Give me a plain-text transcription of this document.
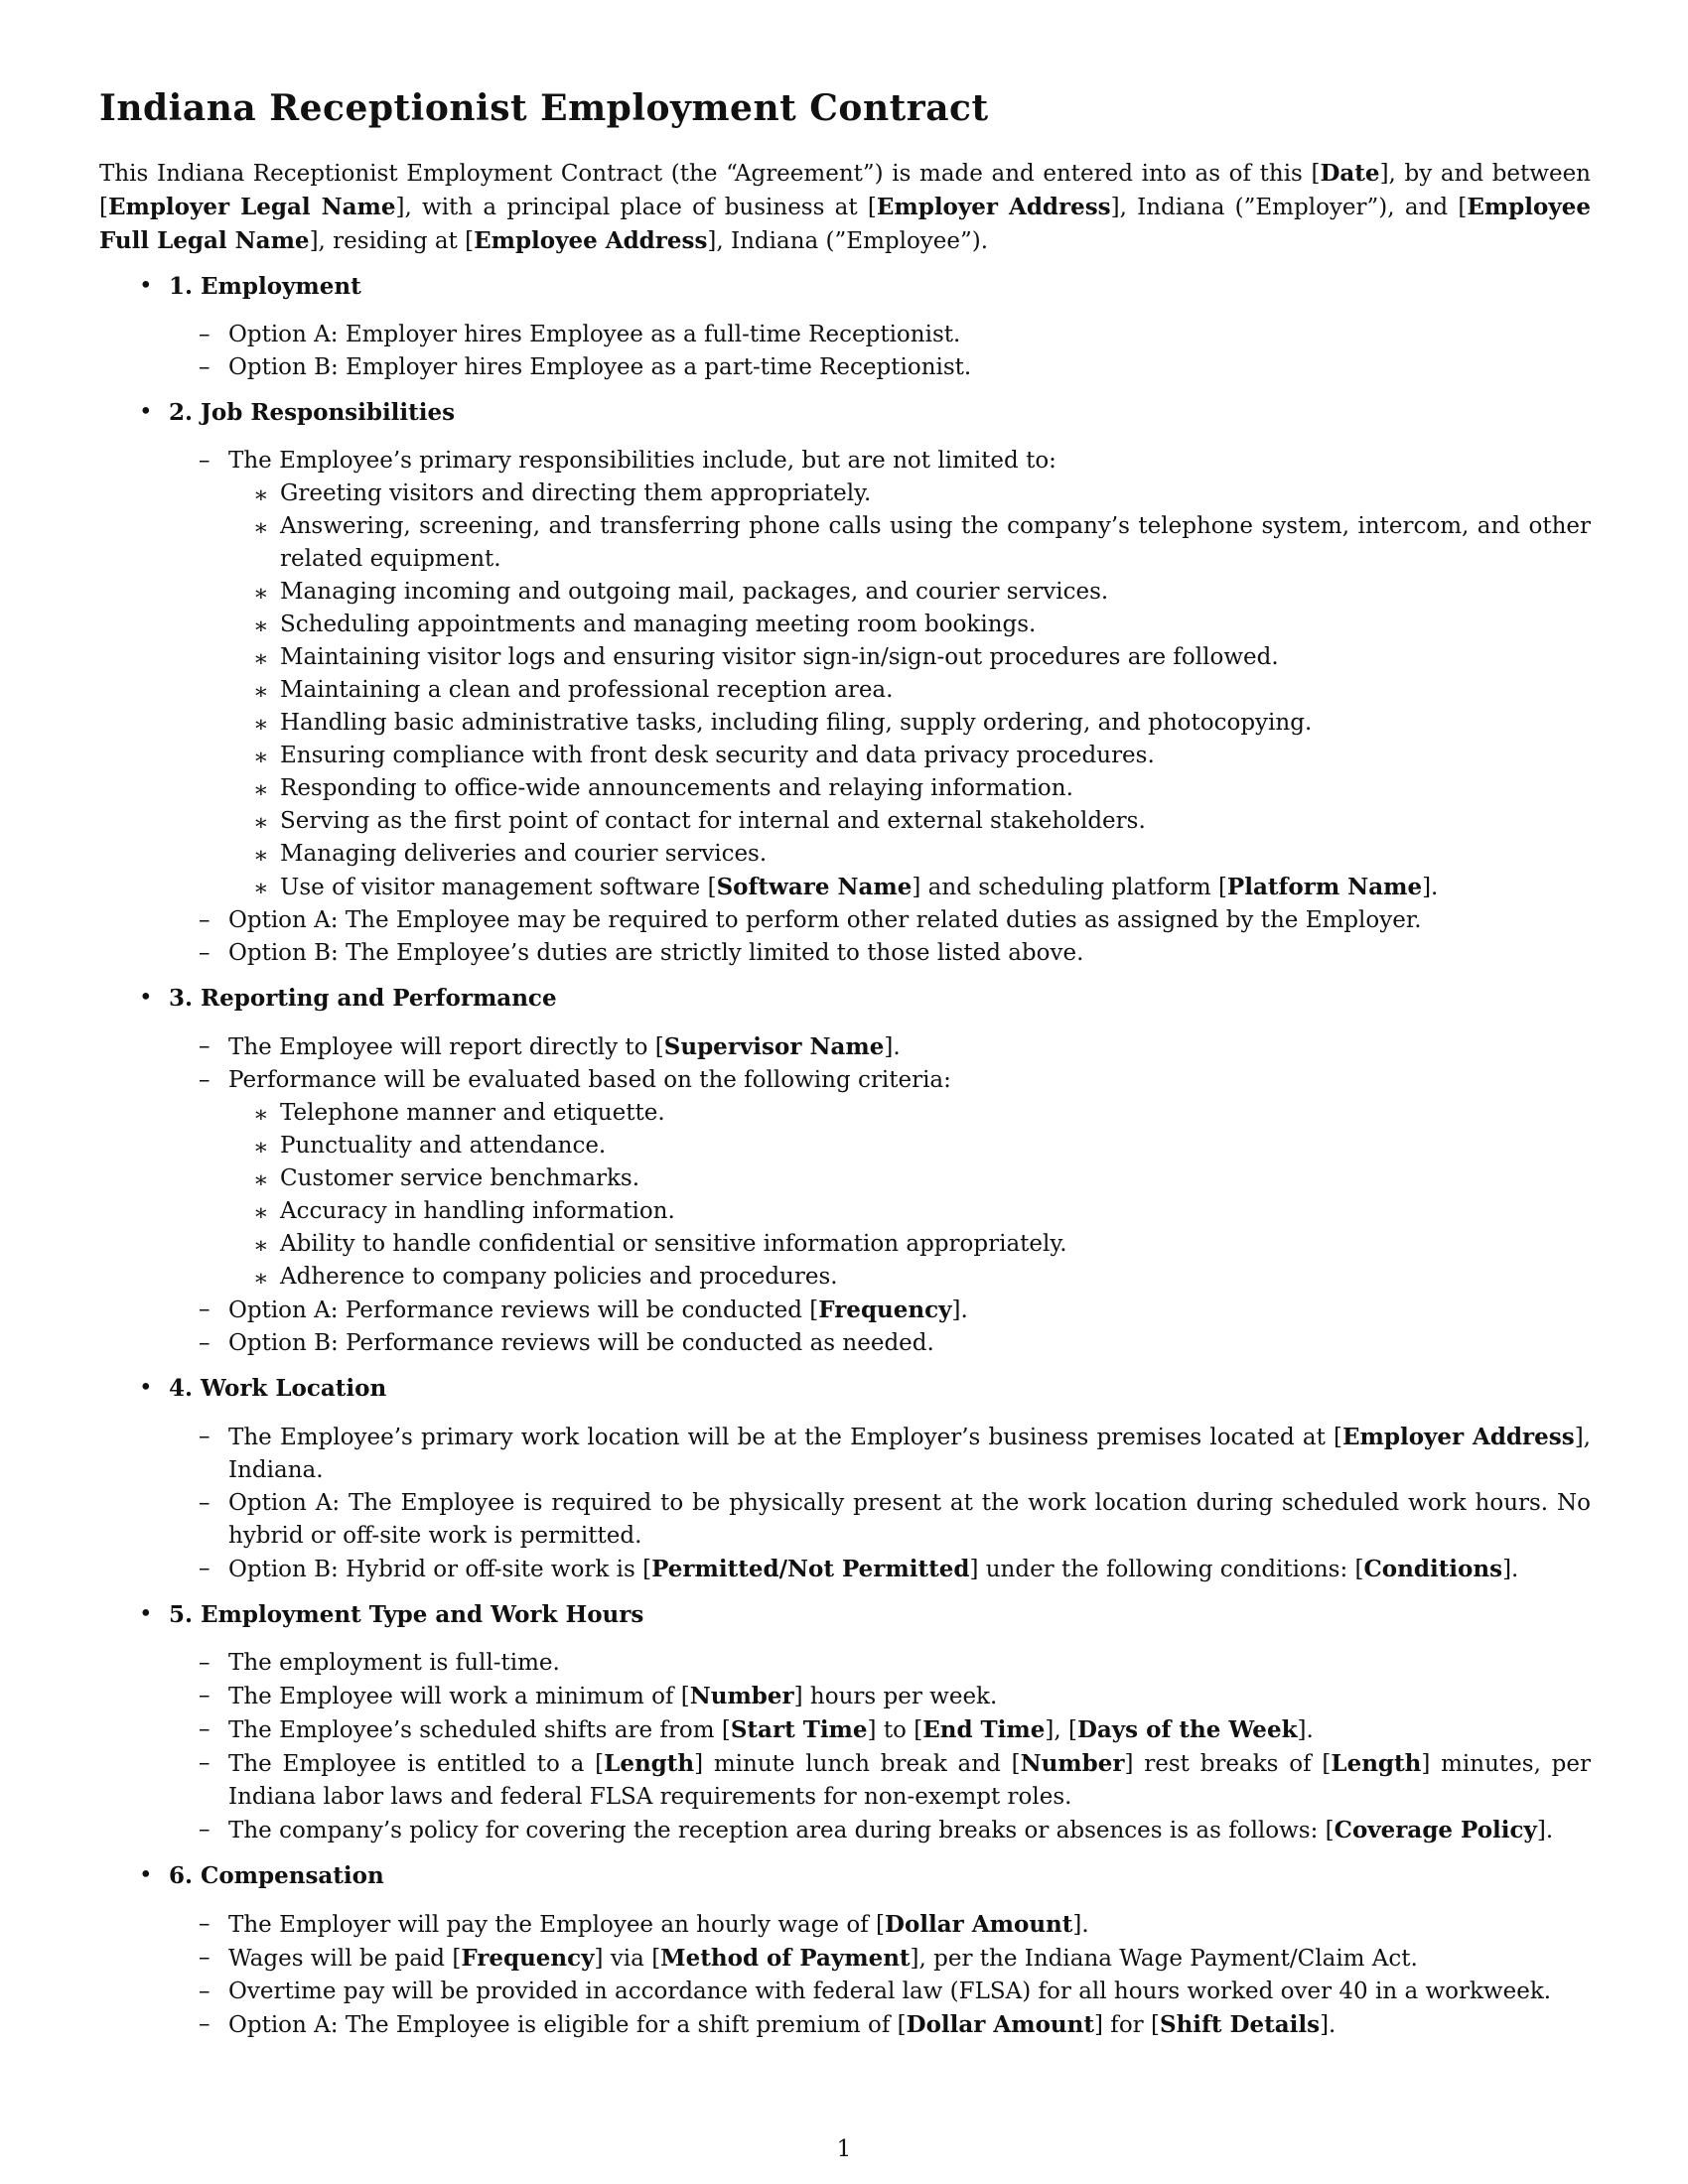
Indiana Receptionist Employment Contract

This Indiana Receptionist Employment Contract (the “Agreement”) is made and entered into as of this [Date], by and between [Employer Legal Name], with a principal place of business at [Employer Address], Indiana (”Employer”), and [Employee Full Legal Name], residing at [Employee Address], Indiana (”Employee”).

• 1. Employment
– Option A: Employer hires Employee as a full-time Receptionist.
– Option B: Employer hires Employee as a part-time Receptionist.
• 2. Job Responsibilities
– The Employee’s primary responsibilities include, but are not limited to:
∗ Greeting visitors and directing them appropriately.
∗ Answering, screening, and transferring phone calls using the company’s telephone system, intercom, and other related equipment.
∗ Managing incoming and outgoing mail, packages, and courier services.
∗ Scheduling appointments and managing meeting room bookings.
∗ Maintaining visitor logs and ensuring visitor sign-in/sign-out procedures are followed.
∗ Maintaining a clean and professional reception area.
∗ Handling basic administrative tasks, including filing, supply ordering, and photocopying.
∗ Ensuring compliance with front desk security and data privacy procedures.
∗ Responding to office-wide announcements and relaying information.
∗ Serving as the first point of contact for internal and external stakeholders.
∗ Managing deliveries and courier services.
∗ Use of visitor management software [Software Name] and scheduling platform [Platform Name].
– Option A: The Employee may be required to perform other related duties as assigned by the Employer.
– Option B: The Employee’s duties are strictly limited to those listed above.
• 3. Reporting and Performance
– The Employee will report directly to [Supervisor Name].
– Performance will be evaluated based on the following criteria:
∗ Telephone manner and etiquette.
∗ Punctuality and attendance.
∗ Customer service benchmarks.
∗ Accuracy in handling information.
∗ Ability to handle confidential or sensitive information appropriately.
∗ Adherence to company policies and procedures.
– Option A: Performance reviews will be conducted [Frequency].
– Option B: Performance reviews will be conducted as needed.
• 4. Work Location
– The Employee’s primary work location will be at the Employer’s business premises located at [Employer Address], Indiana.
– Option A: The Employee is required to be physically present at the work location during scheduled work hours. No hybrid or off-site work is permitted.
– Option B: Hybrid or off-site work is [Permitted/Not Permitted] under the following conditions: [Conditions].
• 5. Employment Type and Work Hours
– The employment is full-time.
– The Employee will work a minimum of [Number] hours per week.
– The Employee’s scheduled shifts are from [Start Time] to [End Time], [Days of the Week].
– The Employee is entitled to a [Length] minute lunch break and [Number] rest breaks of [Length] minutes, per Indiana labor laws and federal FLSA requirements for non-exempt roles.
– The company’s policy for covering the reception area during breaks or absences is as follows: [Coverage Policy].
• 6. Compensation
– The Employer will pay the Employee an hourly wage of [Dollar Amount].
– Wages will be paid [Frequency] via [Method of Payment], per the Indiana Wage Payment/Claim Act.
– Overtime pay will be provided in accordance with federal law (FLSA) for all hours worked over 40 in a workweek.
– Option A: The Employee is eligible for a shift premium of [Dollar Amount] for [Shift Details].
1
